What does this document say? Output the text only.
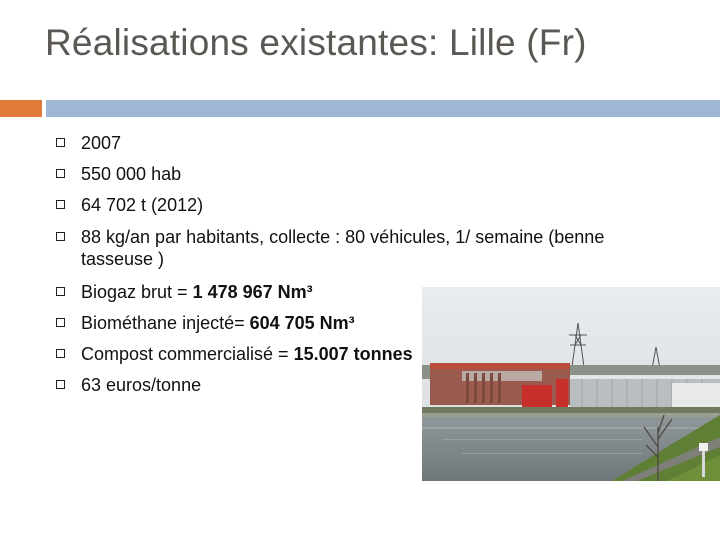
Réalisations existantes: Lille (Fr)
2007
550 000 hab
64 702 t (2012)
88 kg/an par habitants, collecte : 80 véhicules, 1/ semaine (benne tasseuse )
Biogaz brut = 1 478 967 Nm³
Biométhane injecté= 604 705 Nm³
Compost commercialisé = 15.007 tonnes
63 euros/tonne
